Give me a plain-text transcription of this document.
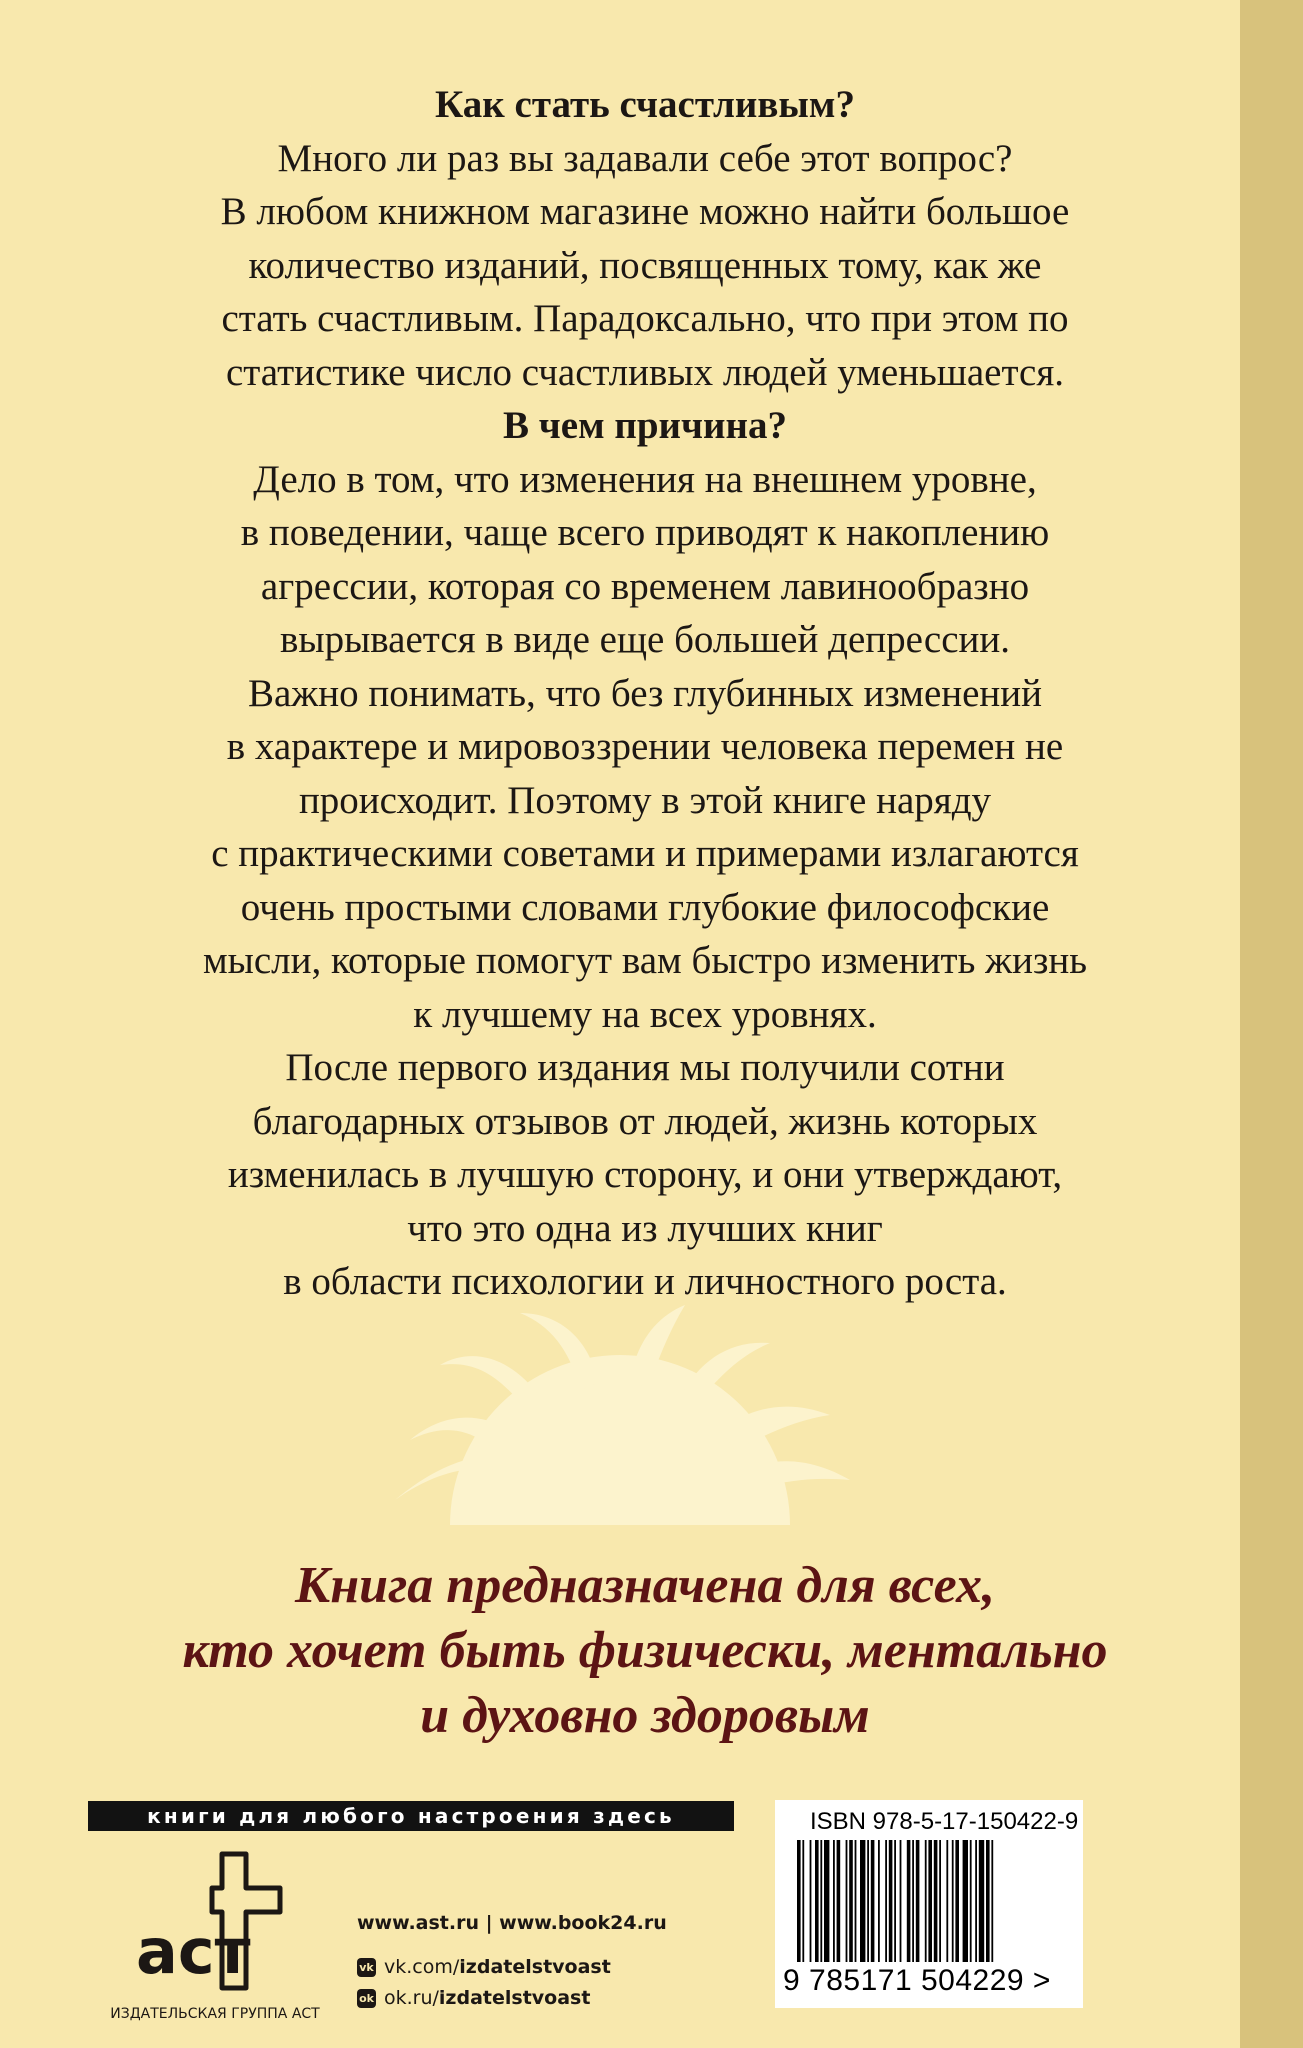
Как стать счастливым?
Много ли раз вы задавали себе этот вопрос?
В любом книжном магазине можно найти большое
количество изданий, посвященных тому, как же
стать счастливым. Парадоксально, что при этом по
статистике число счастливых людей уменьшается.
В чем причина?
Дело в том, что изменения на внешнем уровне,
в поведении, чаще всего приводят к накоплению
агрессии, которая со временем лавинообразно
вырывается в виде еще большей депрессии.
Важно понимать, что без глубинных изменений
в характере и мировоззрении человека перемен не
происходит. Поэтому в этой книге наряду
с практическими советами и примерами излагаются
очень простыми словами глубокие философские
мысли, которые помогут вам быстро изменить жизнь
к лучшему на всех уровнях.
После первого издания мы получили сотни
благодарных отзывов от людей, жизнь которых
изменилась в лучшую сторону, и они утверждают,
что это одна из лучших книг
в области психологии и личностного роста.
Книга предназначена для всех,
кто хочет быть физически, ментально
и духовно здоровым
книги для любого настроения здесь
аст
ИЗДАТЕЛЬСКАЯ ГРУППА АСТ
www.ast.ru | www.book24.ru
vk vk.com/izdatelstvoast
ok ok.ru/izdatelstvoast
ISBN 978-5-17-150422-9
9 785171 504229 >
